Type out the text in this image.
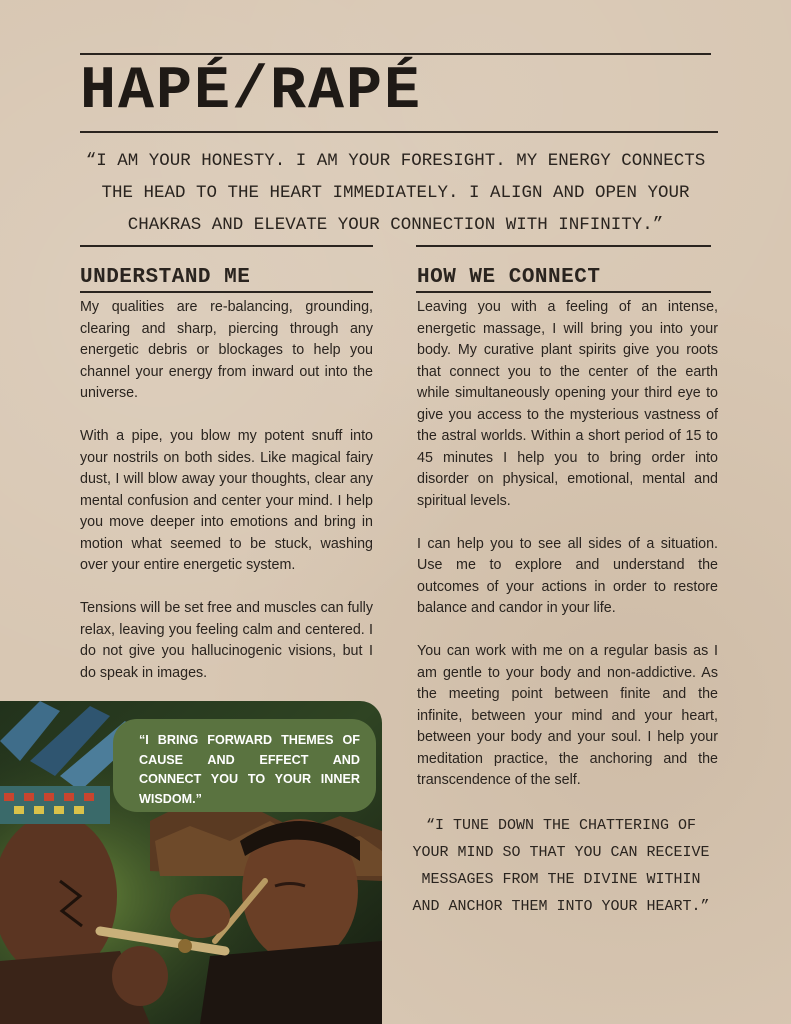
HAPÉ/RAPÉ
“I AM YOUR HONESTY. I AM YOUR FORESIGHT. MY ENERGY CONNECTS THE HEAD TO THE HEART IMMEDIATELY. I ALIGN AND OPEN YOUR CHAKRAS AND ELEVATE YOUR CONNECTION WITH INFINITY.”
UNDERSTAND ME

My qualities are re-balancing, grounding, clearing and sharp, piercing through any energetic debris or blockages to help you channel your energy from inward out into the universe.

With a pipe, you blow my potent snuff into your nostrils on both sides. Like magical fairy dust, I will blow away your thoughts, clear any mental confusion and center your mind. I help you move deeper into emotions and bring in motion what seemed to be stuck, washing over your entire energetic system.

Tensions will be set free and muscles can fully relax, leaving you feeling calm and centered. I do not give you hallucinogenic visions, but I do speak in images.

HOW WE CONNECT

Leaving you with a feeling of an intense, energetic massage, I will bring you into your body. My curative plant spirits give you roots that connect you to the center of the earth while simultaneously opening your third eye to give you access to the mysterious vastness of the astral worlds. Within a short period of 15 to 45 minutes I help you to bring order into disorder on physical, emotional, mental and spiritual levels.

I can help you to see all sides of a situation. Use me to explore and understand the outcomes of your actions in order to restore balance and candor in your life.

You can work with me on a regular basis as I am gentle to your body and non-addictive. As the meeting point between finite and the infinite, between your mind and your heart, between your body and your soul. I help your meditation practice, the anchoring and the transcendence of the self.

“I BRING FORWARD THEMES OF CAUSE AND EFFECT AND CONNECT YOU TO YOUR INNER WISDOM.”
“I TUNE DOWN THE CHATTERING OF YOUR MIND SO THAT YOU CAN RECEIVE MESSAGES FROM THE DIVINE WITHIN AND ANCHOR THEM INTO YOUR HEART.”
